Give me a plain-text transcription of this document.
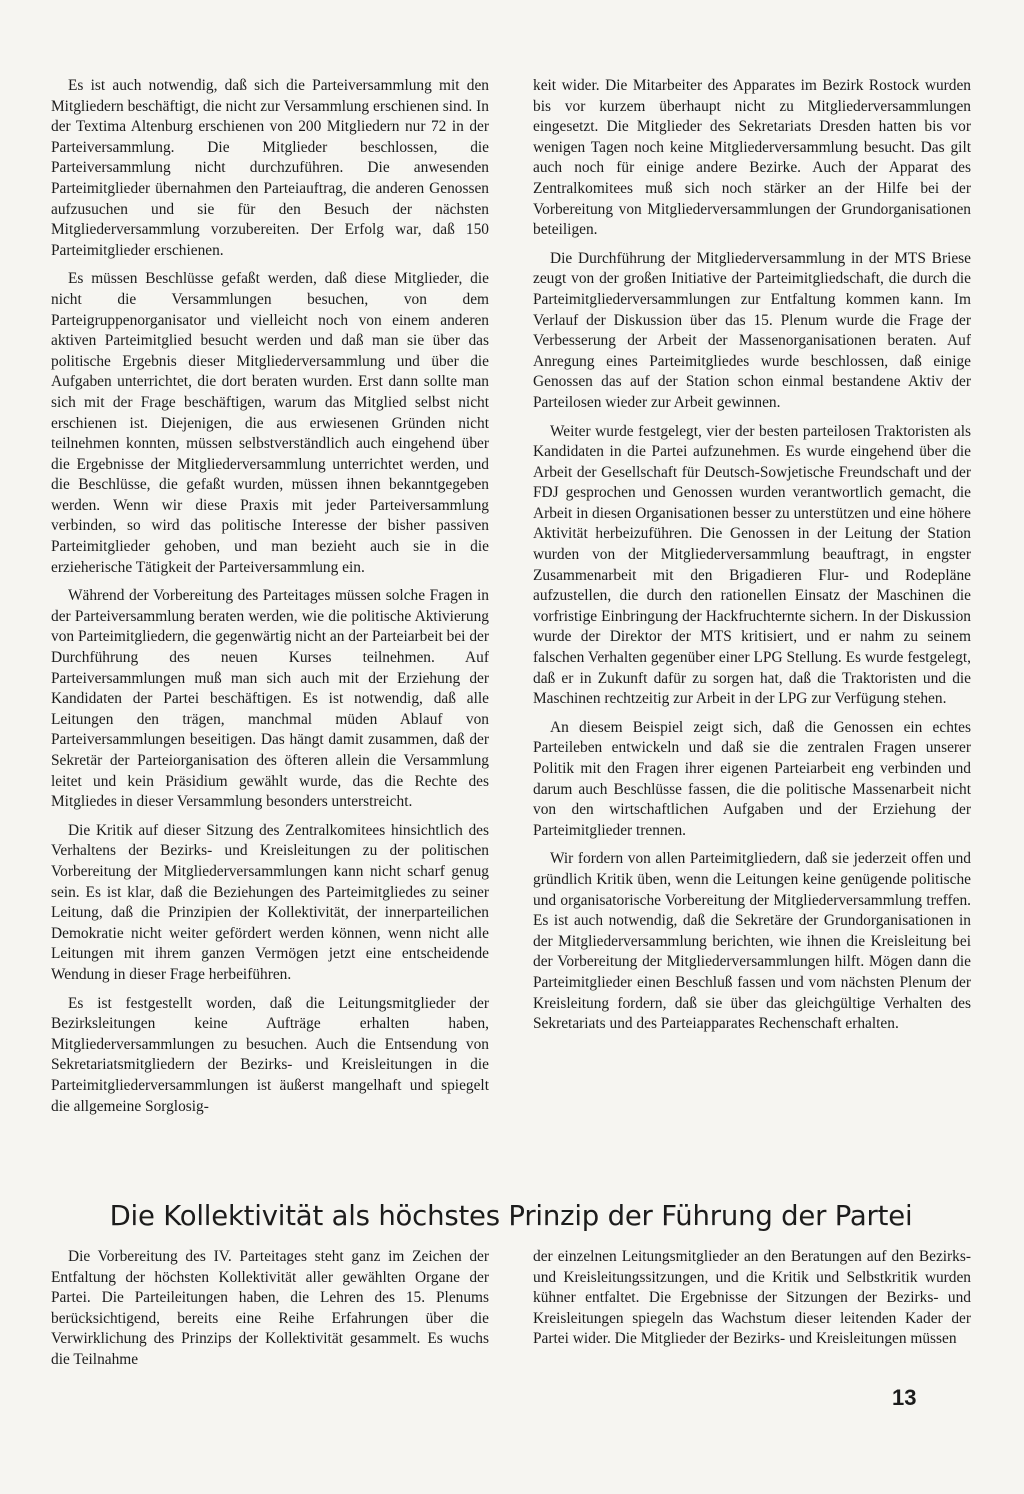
Es ist auch notwendig, daß sich die Parteiversammlung mit den Mitgliedern beschäftigt, die nicht zur Versammlung erschienen sind. In der Textima Altenburg erschienen von 200 Mitgliedern nur 72 in der Parteiversammlung. Die Mitglieder beschlossen, die Parteiversammlung nicht durchzuführen. Die anwesenden Parteimitglieder übernahmen den Parteiauftrag, die anderen Genossen aufzusuchen und sie für den Besuch der nächsten Mitgliederversammlung vorzubereiten. Der Erfolg war, daß 150 Parteimitglieder erschienen.

Es müssen Beschlüsse gefaßt werden, daß diese Mitglieder, die nicht die Versammlungen besuchen, von dem Parteigruppenorganisator und vielleicht noch von einem anderen aktiven Parteimitglied besucht werden und daß man sie über das politische Ergebnis dieser Mitgliederversammlung und über die Aufgaben unterrichtet, die dort beraten wurden. Erst dann sollte man sich mit der Frage beschäftigen, warum das Mitglied selbst nicht erschienen ist. Diejenigen, die aus erwiesenen Gründen nicht teilnehmen konnten, müssen selbstverständlich auch eingehend über die Ergebnisse der Mitgliederversammlung unterrichtet werden, und die Beschlüsse, die gefaßt wurden, müssen ihnen bekanntgegeben werden. Wenn wir diese Praxis mit jeder Parteiversammlung verbinden, so wird das politische Interesse der bisher passiven Parteimitglieder gehoben, und man bezieht auch sie in die erzieherische Tätigkeit der Parteiversammlung ein.

Während der Vorbereitung des Parteitages müssen solche Fragen in der Parteiversammlung beraten werden, wie die politische Aktivierung von Parteimitgliedern, die gegenwärtig nicht an der Parteiarbeit bei der Durchführung des neuen Kurses teilnehmen. Auf Parteiversammlungen muß man sich auch mit der Erziehung der Kandidaten der Partei beschäftigen. Es ist notwendig, daß alle Leitungen den trägen, manchmal müden Ablauf von Parteiversammlungen beseitigen. Das hängt damit zusammen, daß der Sekretär der Parteiorganisation des öfteren allein die Versammlung leitet und kein Präsidium gewählt wurde, das die Rechte des Mitgliedes in dieser Versammlung besonders unterstreicht.

Die Kritik auf dieser Sitzung des Zentralkomitees hinsichtlich des Verhaltens der Bezirks- und Kreisleitungen zu der politischen Vorbereitung der Mitgliederversammlungen kann nicht scharf genug sein. Es ist klar, daß die Beziehungen des Parteimitgliedes zu seiner Leitung, daß die Prinzipien der Kollektivität, der innerparteilichen Demokratie nicht weiter gefördert werden können, wenn nicht alle Leitungen mit ihrem ganzen Vermögen jetzt eine entscheidende Wendung in dieser Frage herbeiführen.

Es ist festgestellt worden, daß die Leitungsmitglieder der Bezirksleitungen keine Aufträge erhalten haben, Mitgliederversammlungen zu besuchen. Auch die Entsendung von Sekretariatsmitgliedern der Bezirks- und Kreisleitungen in die Parteimitgliederversammlungen ist äußerst mangelhaft und spiegelt die allgemeine Sorglosig-

keit wider. Die Mitarbeiter des Apparates im Bezirk Rostock wurden bis vor kurzem überhaupt nicht zu Mitgliederversammlungen eingesetzt. Die Mitglieder des Sekretariats Dresden hatten bis vor wenigen Tagen noch keine Mitgliederversammlung besucht. Das gilt auch noch für einige andere Bezirke. Auch der Apparat des Zentralkomitees muß sich noch stärker an der Hilfe bei der Vorbereitung von Mitgliederversammlungen der Grundorganisationen beteiligen.

Die Durchführung der Mitgliederversammlung in der MTS Briese zeugt von der großen Initiative der Parteimitgliedschaft, die durch die Parteimitgliederversammlungen zur Entfaltung kommen kann. Im Verlauf der Diskussion über das 15. Plenum wurde die Frage der Verbesserung der Arbeit der Massenorganisationen beraten. Auf Anregung eines Parteimitgliedes wurde beschlossen, daß einige Genossen das auf der Station schon einmal bestandene Aktiv der Parteilosen wieder zur Arbeit gewinnen.

Weiter wurde festgelegt, vier der besten parteilosen Traktoristen als Kandidaten in die Partei aufzunehmen. Es wurde eingehend über die Arbeit der Gesellschaft für Deutsch-Sowjetische Freundschaft und der FDJ gesprochen und Genossen wurden verantwortlich gemacht, die Arbeit in diesen Organisationen besser zu unterstützen und eine höhere Aktivität herbeizuführen. Die Genossen in der Leitung der Station wurden von der Mitgliederversammlung beauftragt, in engster Zusammenarbeit mit den Brigadieren Flur- und Rodepläne aufzustellen, die durch den rationellen Einsatz der Maschinen die vorfristige Einbringung der Hackfruchternte sichern. In der Diskussion wurde der Direktor der MTS kritisiert, und er nahm zu seinem falschen Verhalten gegenüber einer LPG Stellung. Es wurde festgelegt, daß er in Zukunft dafür zu sorgen hat, daß die Traktoristen und die Maschinen rechtzeitig zur Arbeit in der LPG zur Verfügung stehen.

An diesem Beispiel zeigt sich, daß die Genossen ein echtes Parteileben entwickeln und daß sie die zentralen Fragen unserer Politik mit den Fragen ihrer eigenen Parteiarbeit eng verbinden und darum auch Beschlüsse fassen, die die politische Massenarbeit nicht von den wirtschaftlichen Aufgaben und der Erziehung der Parteimitglieder trennen.

Wir fordern von allen Parteimitgliedern, daß sie jederzeit offen und gründlich Kritik üben, wenn die Leitungen keine genügende politische und organisatorische Vorbereitung der Mitgliederversammlung treffen. Es ist auch notwendig, daß die Sekretäre der Grundorganisationen in der Mitgliederversammlung berichten, wie ihnen die Kreisleitung bei der Vorbereitung der Mitgliederversammlungen hilft. Mögen dann die Parteimitglieder einen Beschluß fassen und vom nächsten Plenum der Kreisleitung fordern, daß sie über das gleichgültige Verhalten des Sekretariats und des Parteiapparates Rechenschaft erhalten.

Die Kollektivität als höchstes Prinzip der Führung der Partei

Die Vorbereitung des IV. Parteitages steht ganz im Zeichen der Entfaltung der höchsten Kollektivität aller gewählten Organe der Partei. Die Parteileitungen haben, die Lehren des 15. Plenums berücksichtigend, bereits eine Reihe Erfahrungen über die Verwirklichung des Prinzips der Kollektivität gesammelt. Es wuchs die Teilnahme

der einzelnen Leitungsmitglieder an den Beratungen auf den Bezirks- und Kreisleitungssitzungen, und die Kritik und Selbstkritik wurden kühner entfaltet. Die Ergebnisse der Sitzungen der Bezirks- und Kreisleitungen spiegeln das Wachstum dieser leitenden Kader der Partei wider. Die Mitglieder der Bezirks- und Kreisleitungen müssen

13
